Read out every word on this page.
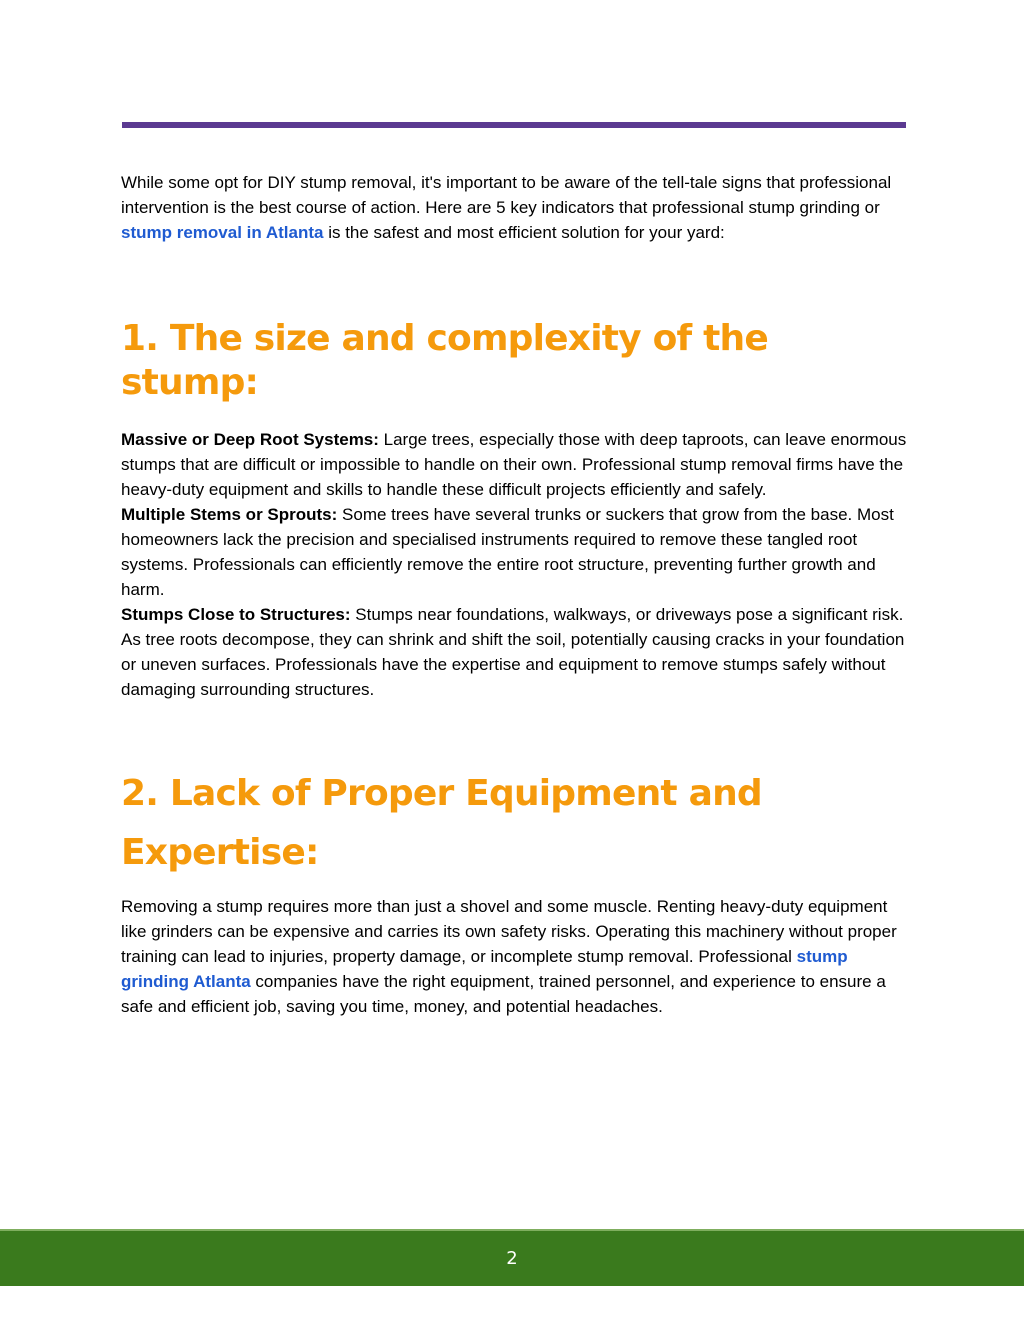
While some opt for DIY stump removal, it's important to be aware of the tell-tale signs that professional intervention is the best course of action. Here are 5 key indicators that professional stump grinding or stump removal in Atlanta is the safest and most efficient solution for your yard:

1. The size and complexity of the stump:

Massive or Deep Root Systems: Large trees, especially those with deep taproots, can leave enormous stumps that are difficult or impossible to handle on their own. Professional stump removal firms have the heavy-duty equipment and skills to handle these difficult projects efficiently and safely.

Multiple Stems or Sprouts: Some trees have several trunks or suckers that grow from the base. Most homeowners lack the precision and specialised instruments required to remove these tangled root systems. Professionals can efficiently remove the entire root structure, preventing further growth and harm.

Stumps Close to Structures: Stumps near foundations, walkways, or driveways pose a significant risk. As tree roots decompose, they can shrink and shift the soil, potentially causing cracks in your foundation or uneven surfaces. Professionals have the expertise and equipment to remove stumps safely without damaging surrounding structures.

2. Lack of Proper Equipment and
Expertise:

Removing a stump requires more than just a shovel and some muscle. Renting heavy-duty equipment like grinders can be expensive and carries its own safety risks. Operating this machinery without proper training can lead to injuries, property damage, or incomplete stump removal. Professional stump grinding Atlanta companies have the right equipment, trained personnel, and experience to ensure a safe and efficient job, saving you time, money, and potential headaches.

2
